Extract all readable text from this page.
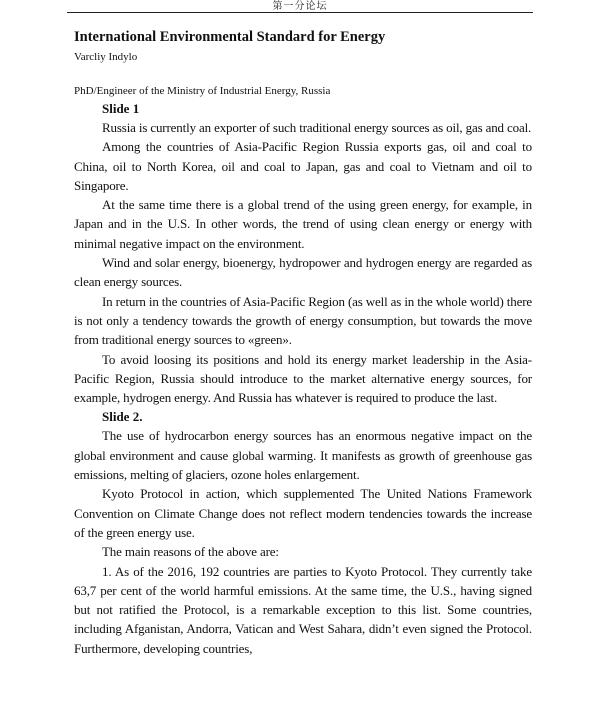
第一分论坛
International Environmental Standard for Energy
Varcliy Indylo
PhD/Engineer of the Ministry of Industrial Energy, Russia
Slide 1

Russia is currently an exporter of such traditional energy sources as oil, gas and coal.

Among the countries of Asia-Pacific Region Russia exports gas, oil and coal to China, oil to North Korea, oil and coal to Japan, gas and coal to Vietnam and oil to Singapore.

At the same time there is a global trend of the using green energy, for example, in Japan and in the U.S. In other words, the trend of using clean energy or energy with minimal negative impact on the environment.

Wind and solar energy, bioenergy, hydropower and hydrogen energy are regarded as clean energy sources.

In return in the countries of Asia-Pacific Region (as well as in the whole world) there is not only a tendency towards the growth of energy consumption, but towards the move from traditional energy sources to «green».

To avoid loosing its positions and hold its energy market leadership in the Asia-Pacific Region, Russia should introduce to the market alternative energy sources, for example, hydrogen energy. And Russia has whatever is required to produce the last.

Slide 2.

The use of hydrocarbon energy sources has an enormous negative impact on the global environment and cause global warming. It manifests as growth of greenhouse gas emissions, melting of glaciers, ozone holes enlargement.

Kyoto Protocol in action, which supplemented The United Nations Framework Convention on Climate Change does not reflect modern tendencies towards the increase of the green energy use.

The main reasons of the above are:

1. As of the 2016, 192 countries are parties to Kyoto Protocol. They currently take 63,7 per cent of the world harmful emissions. At the same time, the U.S., having signed but not ratified the Protocol, is a remarkable exception to this list. Some countries, including Afganistan, Andorra, Vatican and West Sahara, didn’t even signed the Protocol. Furthermore, developing countries,
